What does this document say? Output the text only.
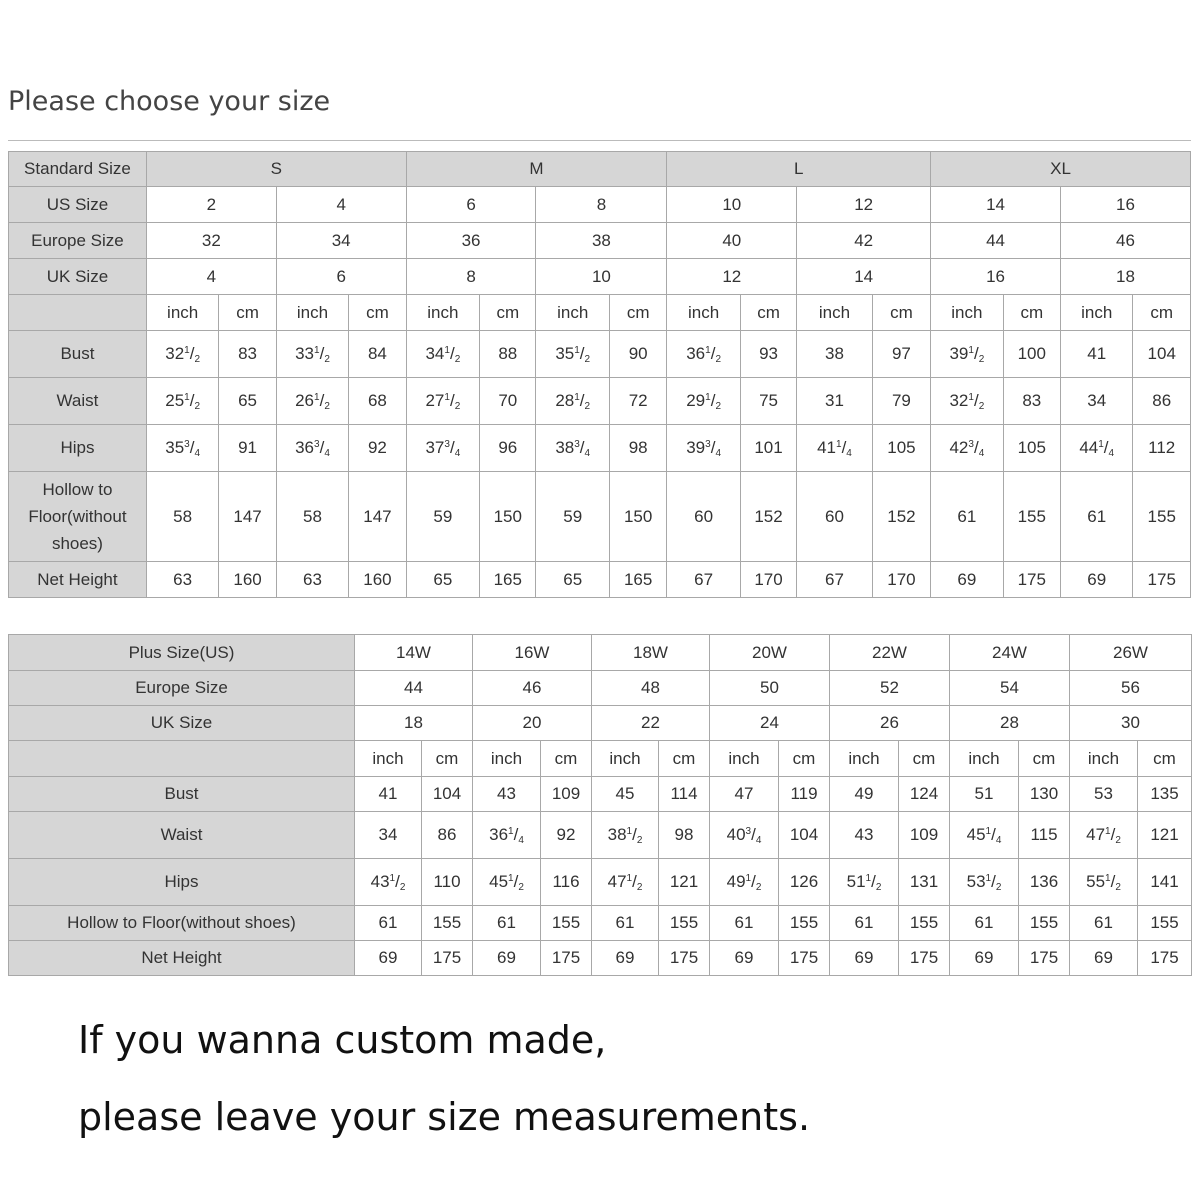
Please choose your size
Standard Size	S				M				L				XL			
US Size	2		4		6		8		10		12		14		16	
Europe Size	32		34		36		38		40		42		44		46	
UK Size	4		6		8		10		12		14		16		18	
	inch	cm	inch	cm	inch	cm	inch	cm	inch	cm	inch	cm	inch	cm	inch	cm
Bust	$32^1/_2$	83	$33^1/_2$	84	$34^1/_2$	88	$35^1/_2$	90	$36^1/_2$	93	38	97	$39^1/_2$	100	41	104
Waist	$25^1/_2$	65	$26^1/_2$	68	$27^1/_2$	70	$28^1/_2$	72	$29^1/_2$	75	31	79	$32^1/_2$	83	34	86
Hips	$35^3/_4$	91	$36^3/_4$	92	$37^3/_4$	96	$38^3/_4$	98	$39^3/_4$	101	$41^1/_4$	105	$42^3/_4$	105	$44^1/_4$	112
Hollow to Floor(without shoes)	58	147	58	147	59	150	59	150	60	152	60	152	61	155	61	155
Net Height	63	160	63	160	65	165	65	165	67	170	67	170	69	175	69	175
Plus Size(US)	14W		16W		18W		20W		22W		24W		26W	
Europe Size	44		46		48		50		52		54		56	
UK Size	18		20		22		24		26		28		30	
	inch	cm	inch	cm	inch	cm	inch	cm	inch	cm	inch	cm	inch	cm
Bust	41	104	43	109	45	114	47	119	49	124	51	130	53	135
Waist	34	86	$36^1/_4$	92	$38^1/_2$	98	$40^3/_4$	104	43	109	$45^1/_4$	115	$47^1/_2$	121
Hips	$43^1/_2$	110	$45^1/_2$	116	$47^1/_2$	121	$49^1/_2$	126	$51^1/_2$	131	$53^1/_2$	136	$55^1/_2$	141
Hollow to Floor(without shoes)	61	155	61	155	61	155	61	155	61	155	61	155	61	155
Net Height	69	175	69	175	69	175	69	175	69	175	69	175	69	175
If you wanna custom made,
please leave your size measurements.
